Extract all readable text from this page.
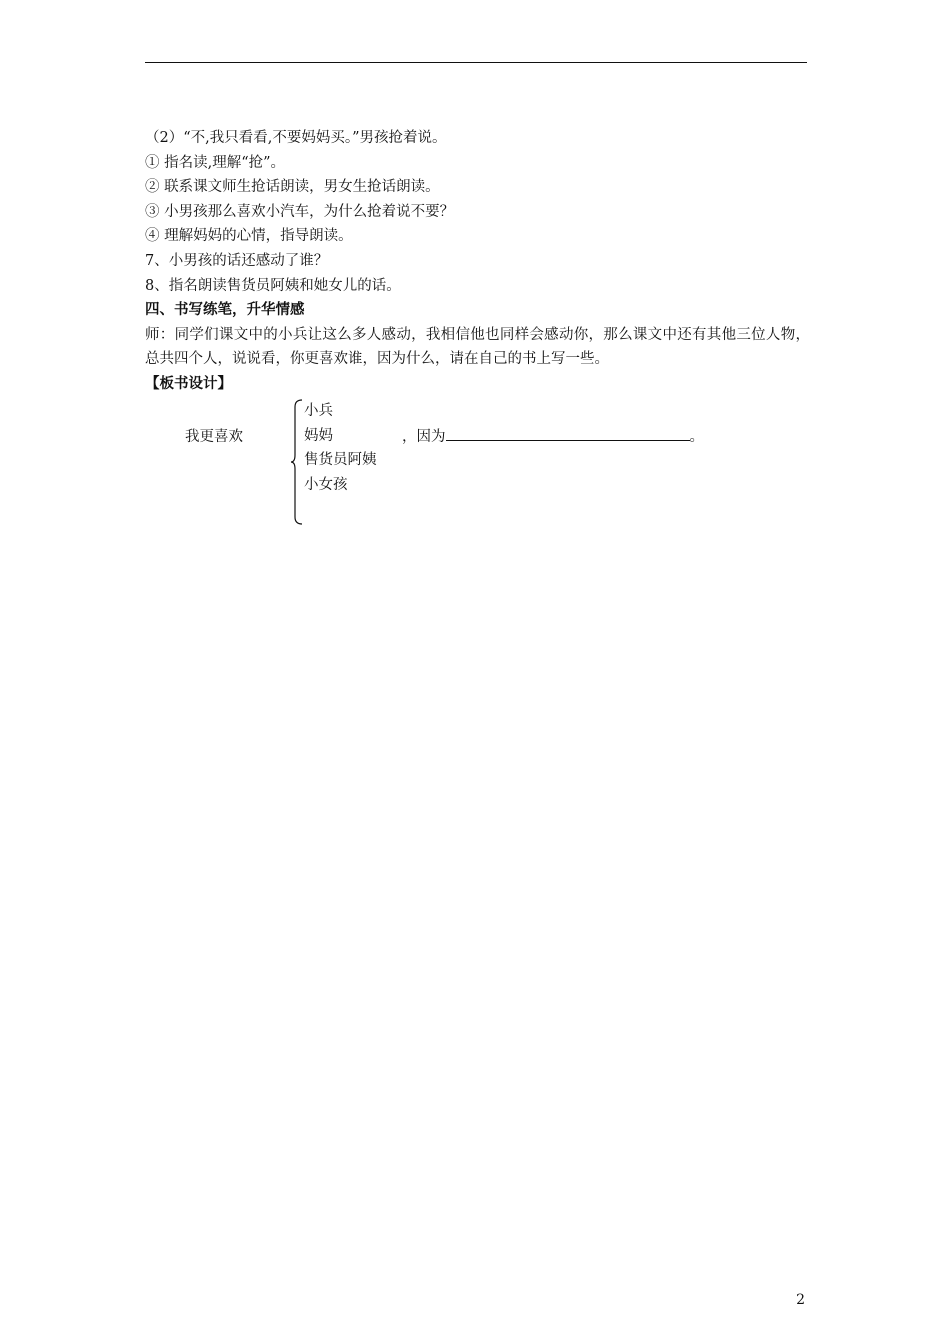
（2）“不,我只看看,不要妈妈买。”男孩抢着说。
① 指名读,理解“抢”。
② 联系课文师生抢话朗读，男女生抢话朗读。
③ 小男孩那么喜欢小汽车，为什么抢着说不要？
④ 理解妈妈的心情，指导朗读。
7、小男孩的话还感动了谁？
8、指名朗读售货员阿姨和她女儿的话。
四、书写练笔，升华情感
师：同学们课文中的小兵让这么多人感动，我相信他也同样会感动你，那么课文中还有其他三位人物，总共四个人，说说看，你更喜欢谁，因为什么，请在自己的书上写一些。
【板书设计】
我更喜欢
小兵
妈妈
售货员阿姨
小女孩
，因为	。
2
